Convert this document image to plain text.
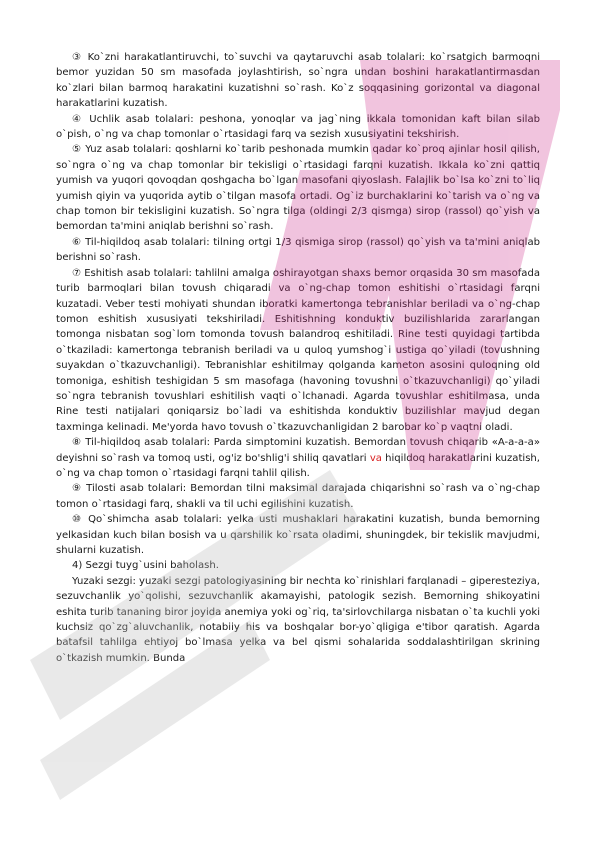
③ Ko`zni harakatlantiruvchi, to`suvchi va qaytaruvchi asab tolalari: ko`rsatgich barmoqni bemor yuzidan 50 sm masofada joylashtirish, so`ngra undan boshini harakatlantirmasdan ko`zlari bilan barmoq harakatini kuzatishni so`rash. Ko`z soqqasining gorizontal va diagonal harakatlarini kuzatish.

④ Uchlik asab tolalari: peshona, yonoqlar va jag`ning ikkala tomonidan kaft bilan silab o`pish, o`ng va chap tomonlar o`rtasidagi farq va sezish xususiyatini tekshirish.

⑤ Yuz asab tolalari: qoshlarni ko`tarib peshonada mumkin qadar ko`proq ajinlar hosil qilish, so`ngra o`ng va chap tomonlar bir tekisligi o`rtasidagi farqni kuzatish. Ikkala ko`zni qattiq yumish va yuqori qovoqdan qoshgacha bo`lgan masofani qiyoslash. Falajlik bo`lsa ko`zni to`liq yumish qiyin va yuqorida aytib o`tilgan masofa ortadi. Og`iz burchaklarini ko`tarish va o`ng va chap tomon bir tekisligini kuzatish. So`ngra tilga (oldingi 2/3 qismga) sirop (rassol) qo`yish va bemordan ta'mini aniqlab berishni so`rash.

⑥ Til-hiqildoq asab tolalari: tilning ortgi 1/3 qismiga sirop (rassol) qo`yish va ta'mini aniqlab berishni so`rash.

⑦ Eshitish asab tolalari: tahlilni amalga oshirayotgan shaxs bemor orqasida 30 sm masofada turib barmoqlari bilan tovush chiqaradi va o`ng-chap tomon eshitishi o`rtasidagi farqni kuzatadi. Veber testi mohiyati shundan iboratki kamertonga tebranishlar beriladi va o`ng-chap tomon eshitish xususiyati tekshiriladi. Eshitishning konduktiv buzilishlarida zararlangan tomonga nisbatan sog`lom tomonda tovush balandroq eshitiladi. Rine testi quyidagi tartibda o`tkaziladi: kamertonga tebranish beriladi va u quloq yumshog`i ustiga qo`yiladi (tovushning suyakdan o`tkazuvchanligi). Tebranishlar eshitilmay qolganda kameton asosini quloqning old tomoniga, eshitish teshigidan 5 sm masofaga (havoning tovushni o`tkazuvchanligi) qo`yiladi so`ngra tebranish tovushlari eshitilish vaqti o`lchanadi. Agarda tovushlar eshitilmasa, unda Rine testi natijalari qoniqarsiz bo`ladi va eshitishda konduktiv buzilishlar mavjud degan taxminga kelinadi. Me'yorda havo tovush o`tkazuvchanligidan 2 barobar ko`p vaqtni oladi.

⑧ Til-hiqildoq asab tolalari: Parda simptomini kuzatish. Bemordan tovush chiqarib «A-a-a-a» deyishni so`rash va tomoq usti, og'iz bo'shlig'i shiliq qavatlari va hiqildoq harakatlarini kuzatish, o`ng va chap tomon o`rtasidagi farqni tahlil qilish.

⑨ Tilosti asab tolalari: Bemordan tilni maksimal darajada chiqarishni so`rash va o`ng-chap tomon o`rtasidagi farq, shakli va til uchi egilishini kuzatish.

⑩ Qo`shimcha asab tolalari: yelka usti mushaklari harakatini kuzatish, bunda bemorning yelkasidan kuch bilan bosish va u qarshilik ko`rsata oladimi, shuningdek, bir tekislik mavjudmi, shularni kuzatish.

4) Sezgi tuyg`usini baholash.

Yuzaki sezgi: yuzaki sezgi patologiyasining bir nechta ko`rinishlari farqlanadi – giperesteziya, sezuvchanlik yo`qolishi, sezuvchanlik akamayishi, patologik sezish. Bemorning shikoyatini eshita turib tananing biror joyida anemiya yoki og`riq, ta'sirlovchilarga nisbatan o`ta kuchli yoki kuchsiz qo`zg`aluvchanlik, notabiiy his va boshqalar bor-yo`qligiga e'tibor qaratish. Agarda batafsil tahlilga ehtiyoj bo`lmasa yelka va bel qismi sohalarida soddalashtirilgan skrining o`tkazish mumkin. Bunda
